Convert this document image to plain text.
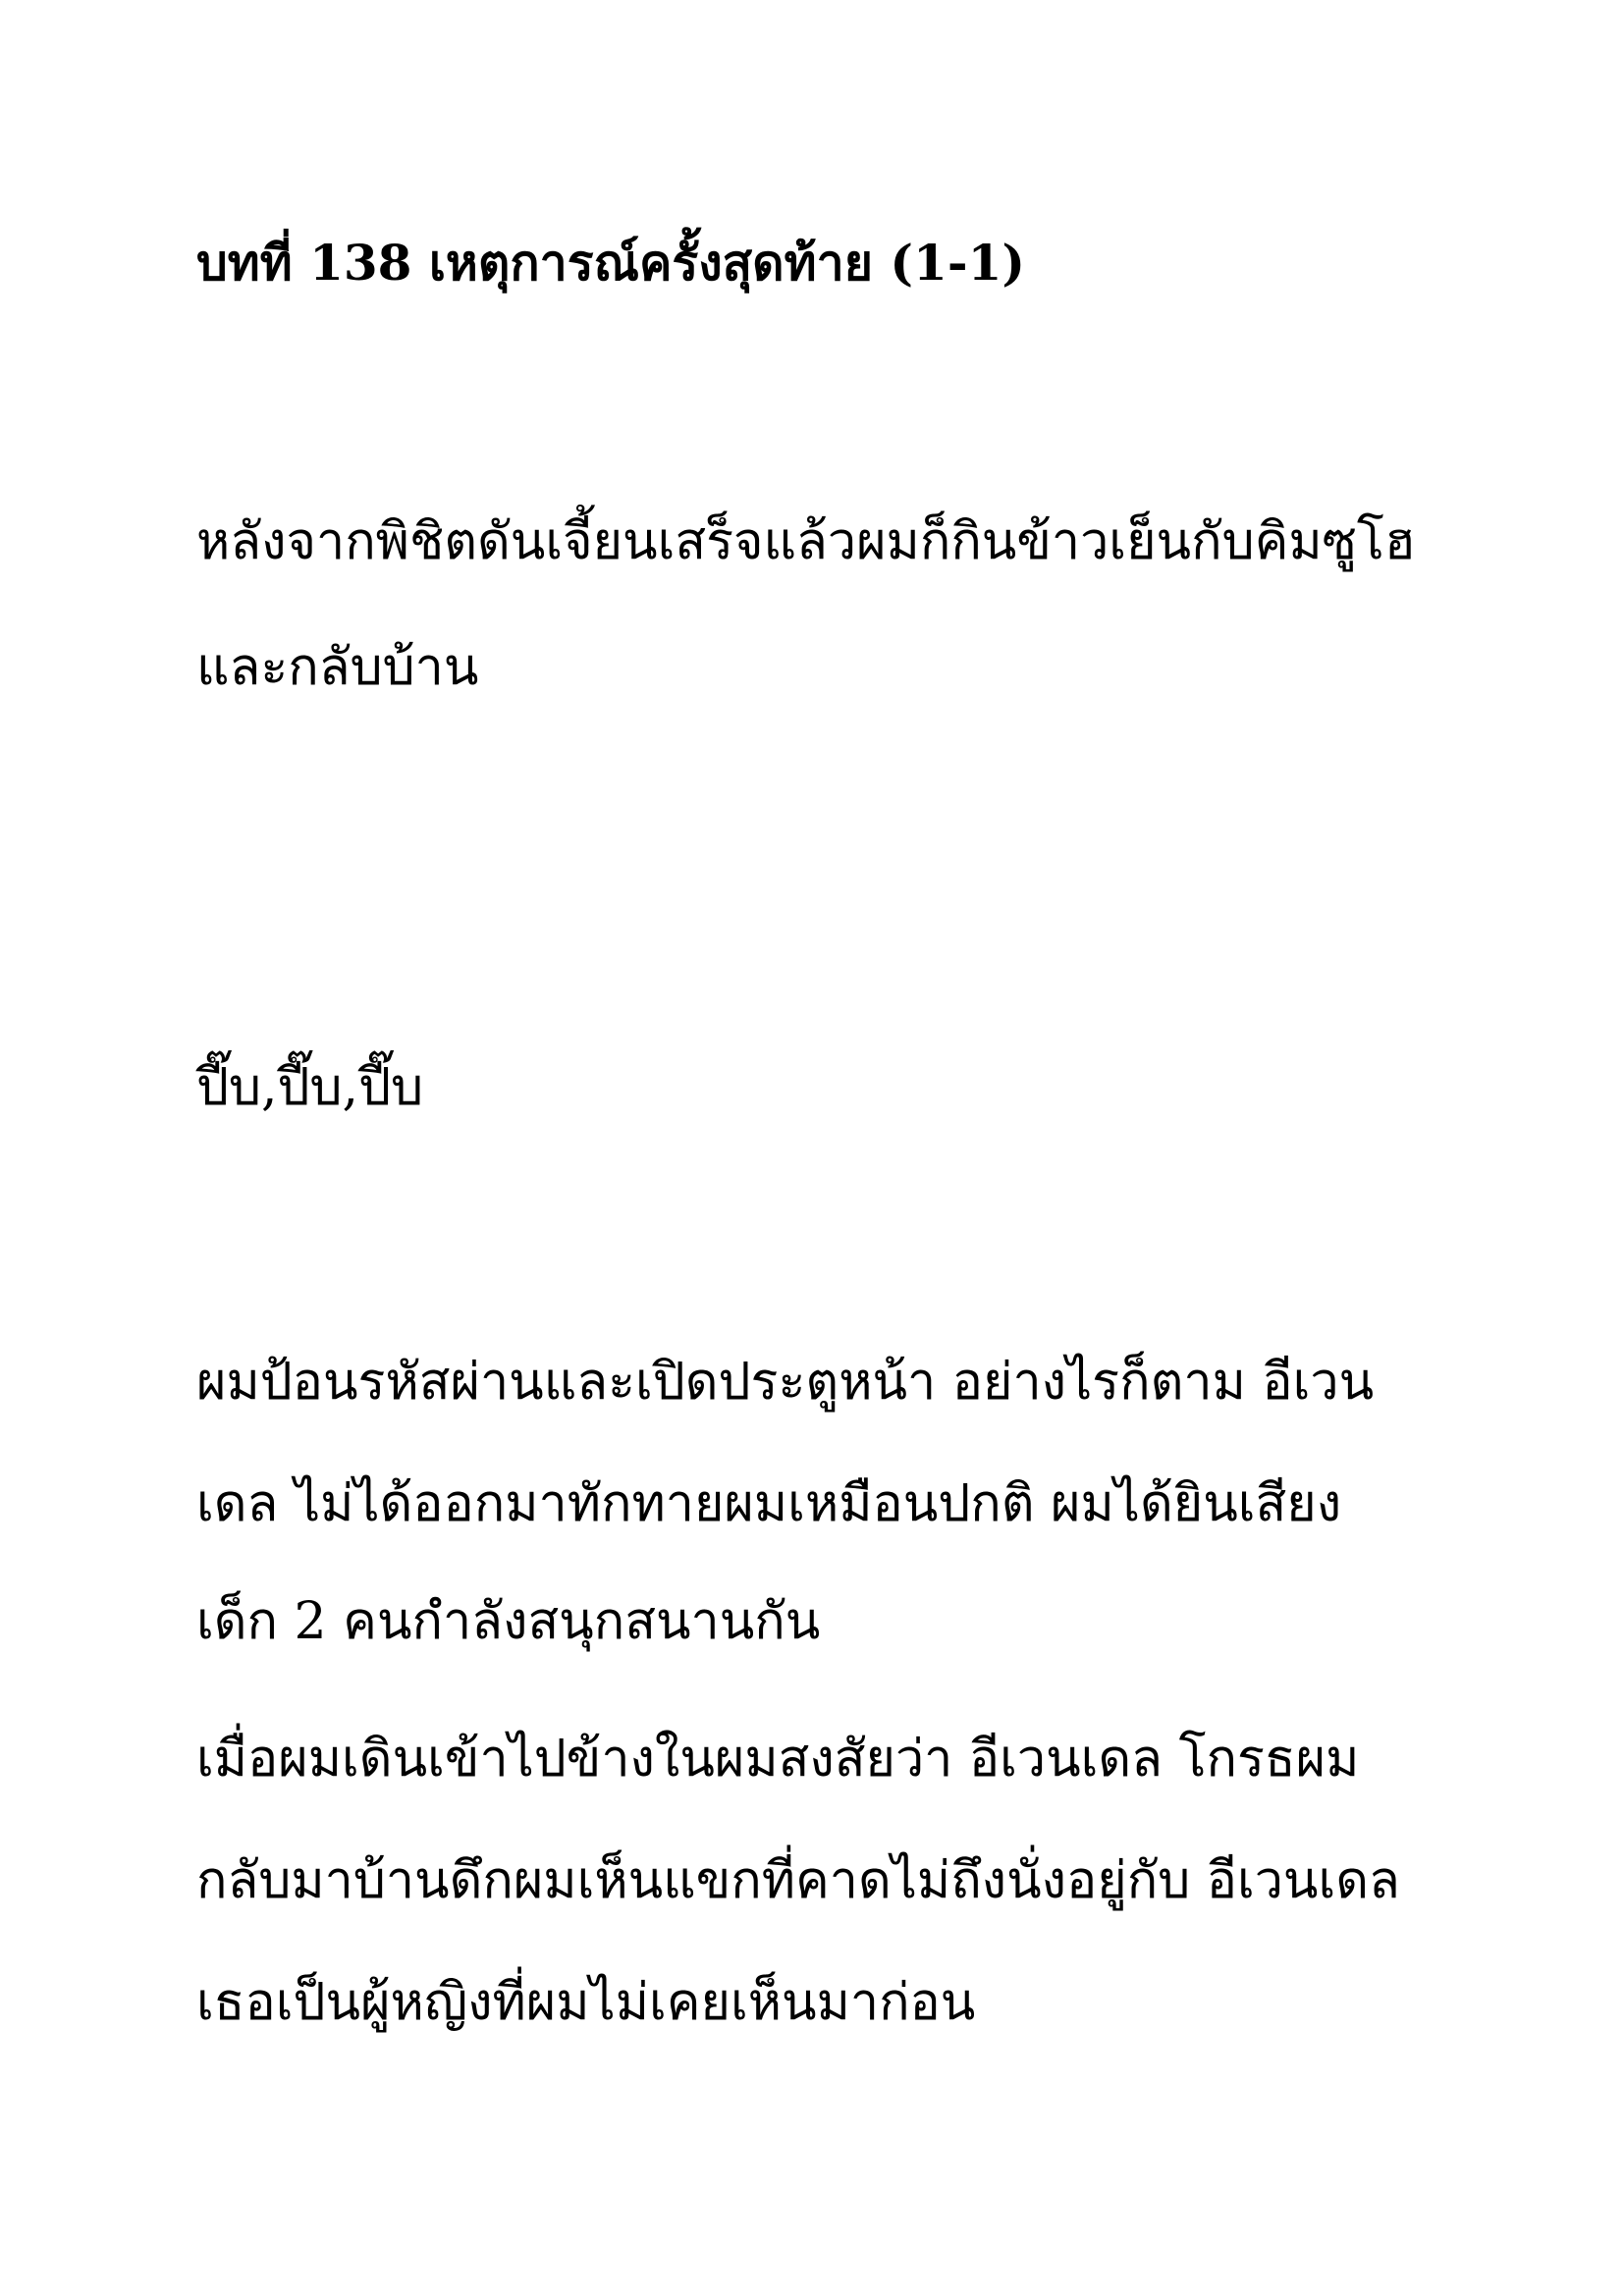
บทที่ 138 เหตุการณ์ครั้งสุดท้าย (1-1)

หลังจากพิชิตดันเจี้ยนเสร็จแล้วผมก็กินข้าวเย็นกับคิมซูโฮ

และกลับบ้าน

ปี๊บ,ปี๊บ,ปี๊บ

ผมป้อนรหัสผ่านและเปิดประตูหน้า อย่างไรก็ตาม อีเวน

เดล ไม่ได้ออกมาทักทายผมเหมือนปกติ ผมได้ยินเสียง

เด็ก 2 คนกำลังสนุกสนานกัน

เมื่อผมเดินเข้าไปข้างในผมสงสัยว่า อีเวนเดล โกรธผม

กลับมาบ้านดึกผมเห็นแขกที่คาดไม่ถึงนั่งอยู่กับ อีเวนเดล

เธอเป็นผู้หญิงที่ผมไม่เคยเห็นมาก่อน
